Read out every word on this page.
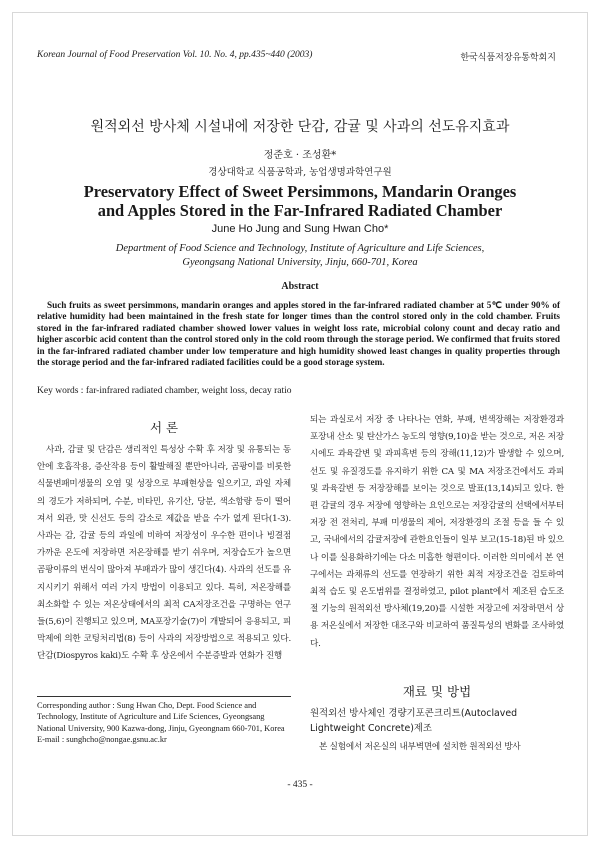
Korean Journal of Food Preservation Vol. 10. No. 4, pp.435~440 (2003)	한국식품저장유통학회지
원적외선 방사체 시설내에 저장한 단감, 감귤 및 사과의 선도유지효과
정준호 · 조성환*
경상대학교 식품공학과, 농업생명과학연구원
Preservatory Effect of Sweet Persimmons, Mandarin Oranges and Apples Stored in the Far-Infrared Radiated Chamber
June Ho Jung and Sung Hwan Cho*
Department of Food Science and Technology, Institute of Agriculture and Life Sciences,
Gyeongsang National University, Jinju, 660-701, Korea
Abstract
Such fruits as sweet persimmons, mandarin oranges and apples stored in the far-infrared radiated chamber at 5℃ under 90% of relative humidity had been maintained in the fresh state for longer times than the control stored only in the cold chamber. Fruits stored in the far-infrared radiated chamber showed lower values in weight loss rate, microbial colony count and decay ratio and higher ascorbic acid content than the control stored only in the cold room through the storage period. We confirmed that fruits stored in the far-infrared radiated chamber under low temperature and high humidity showed least changes in quality properties through the storage period and the far-infrared radiated facilities could be a good storage system.
Key words : far-infrared radiated chamber, weight loss, decay ratio
서 론

사과, 감귤 및 단감은 생리적인 특성상 수확 후 저장 및 유통되는 동안에 호흡작용, 증산작용 등이 활발해질 뿐만아니라, 곰팡이를 비롯한 식물변패미생물의 오염 및 성장으로 부패현상을 일으키고, 과일 자체의 경도가 저하되며, 수분, 비타민, 유기산, 당분, 색소함량 등이 떨어져서 외관, 맛 신선도 등의 감소로 제값을 받을 수가 없게 된다(1-3). 사과는 감, 감귤 등의 과일에 비하여 저장성이 우수한 편이나 빙결점 가까운 온도에 저장하면 저온장해를 받기 쉬우며, 저장습도가 높으면 곰팡이류의 번식이 많아져 부패과가 많이 생긴다(4). 사과의 선도를 유지시키기 위해서 여러 가지 방법이 이용되고 있다. 특히, 저온장해를 최소화할 수 있는 저온상태에서의 최적 CA저장조건을 구명하는 연구들(5,6)이 진행되고 있으며, MA포장기술(7)이 개발되어 응용되고, 피막제에 의한 코팅처리법(8) 등이 사과의 저장방법으로 적용되고 있다. 단감(Diospyros kaki)도 수확 후 상온에서 수분증발과 연화가 진행

되는 과실로서 저장 중 나타나는 연화, 부패, 변색장해는 저장환경과 포장내 산소 및 탄산가스 농도의 영향(9,10)을 받는 것으로, 저온 저장시에도 과육갈변 및 과피흑변 등의 장해(11,12)가 발생할 수 있으며, 선도 및 유질경도를 유지하기 위한 CA 및 MA 저장조건에서도 과피 및 과육갈변 등 저장장해를 보이는 것으로 발표(13,14)되고 있다. 한편 감귤의 경우 저장에 영향하는 요인으로는 저장감귤의 선택에서부터 저장 전 전처리, 부패 미생물의 제어, 저장환경의 조절 등을 들 수 있고, 국내에서의 감귤저장에 관한요인들이 일부 보고(15-18)된 바 있으나 이를 실용화하기에는 다소 미흡한 형편이다. 이러한 의미에서 본 연구에서는 과채류의 선도를 연장하기 위한 최적 저장조건을 검토하여 최적 습도 및 온도범위를 결정하였고, pilot plant에서 제조된 습도조절 기능의 원적외선 방사체(19,20)를 시설한 저장고에 저장하면서 상용 저온실에서 저장한 대조구와 비교하여 품질특성의 변화를 조사하였다.

재료 및 방법
원적외선 방사체인 경량기포콘크리트(Autoclaved Lightweight Concrete)제조
본 실험에서 저온실의 내부벽면에 설치한 원적외선 방사

Corresponding author : Sung Hwan Cho, Dept. Food Science and Technology, Institute of Agriculture and Life Sciences, Gyeongsang National University, 900 Kazwa-dong, Jinju, Gyeongnam 660-701, Korea

E-mail : sunghcho@nongae.gsnu.ac.kr

- 435 -
